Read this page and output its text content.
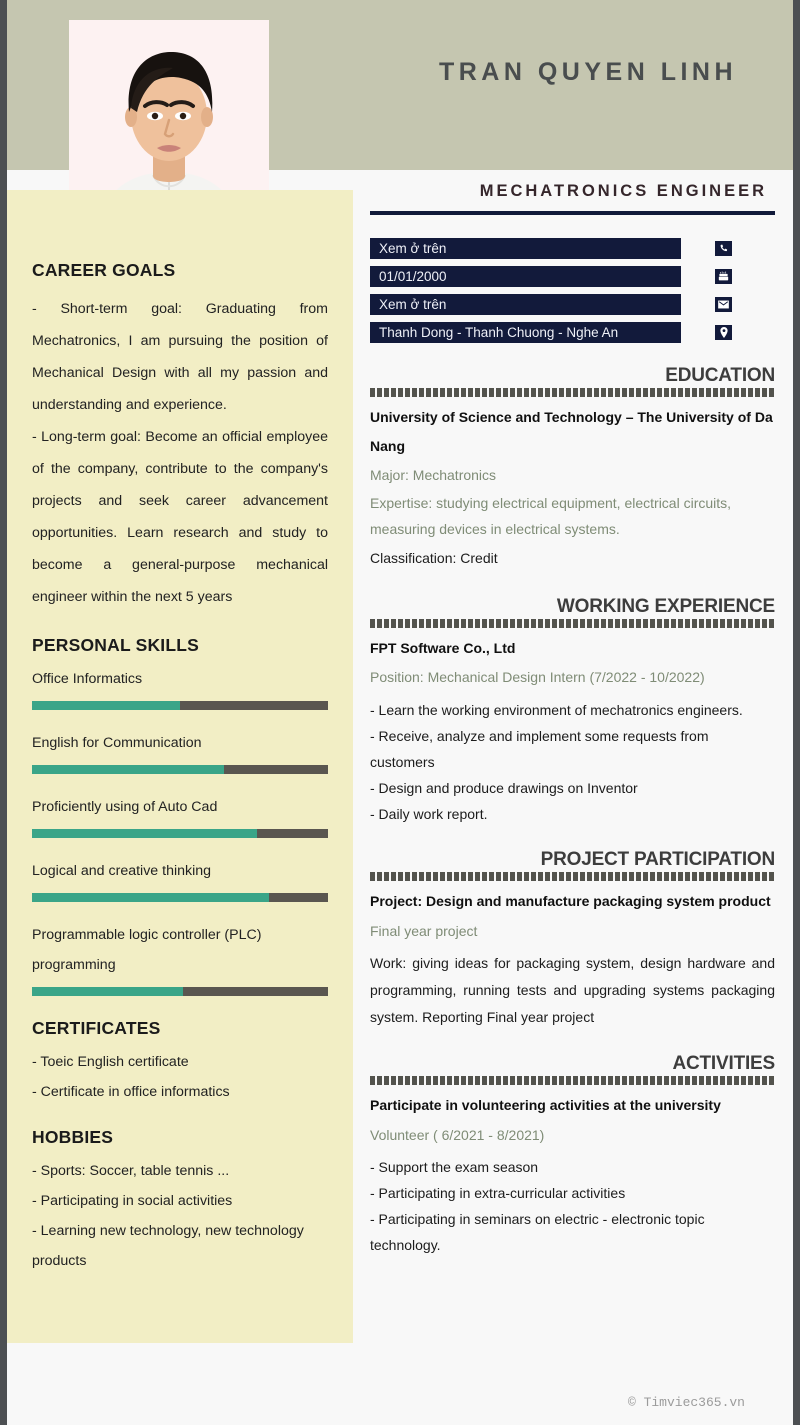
TRAN QUYEN LINH
CAREER GOALS
- Short-term goal: Graduating from Mechatronics, I am pursuing the position of Mechanical Design with all my passion and understanding and experience.
- Long-term goal: Become an official employee of the company, contribute to the company's projects and seek career advancement opportunities. Learn research and study to become a general-purpose mechanical engineer within the next 5 years
PERSONAL SKILLS
Office Informatics
English for Communication
Proficiently using of Auto Cad
Logical and creative thinking
Programmable logic controller (PLC) programming
CERTIFICATES
- Toeic English certificate
- Certificate in office informatics
HOBBIES
- Sports: Soccer, table tennis ...
- Participating in social activities
- Learning new technology, new technology products
MECHATRONICS ENGINEER
Xem ở trên
01/01/2000
Xem ở trên
Thanh Dong - Thanh Chuong - Nghe An
EDUCATION
University of Science and Technology – The University of Da Nang
Major: Mechatronics
Expertise: studying electrical equipment, electrical circuits, measuring devices in electrical systems.
Classification: Credit
WORKING EXPERIENCE
FPT Software Co., Ltd
Position: Mechanical Design Intern (7/2022 - 10/2022)
- Learn the working environment of mechatronics engineers.
- Receive, analyze and implement some requests from customers
- Design and produce drawings on Inventor
- Daily work report.
PROJECT PARTICIPATION
Project: Design and manufacture packaging system product
Final year project
Work: giving ideas for packaging system, design hardware and programming, running tests and upgrading systems packaging system. Reporting Final year project
ACTIVITIES
Participate in volunteering activities at the university
Volunteer ( 6/2021 - 8/2021)
- Support the exam season
- Participating in extra-curricular activities
- Participating in seminars on electric - electronic topic technology.
© Timviec365.vn
